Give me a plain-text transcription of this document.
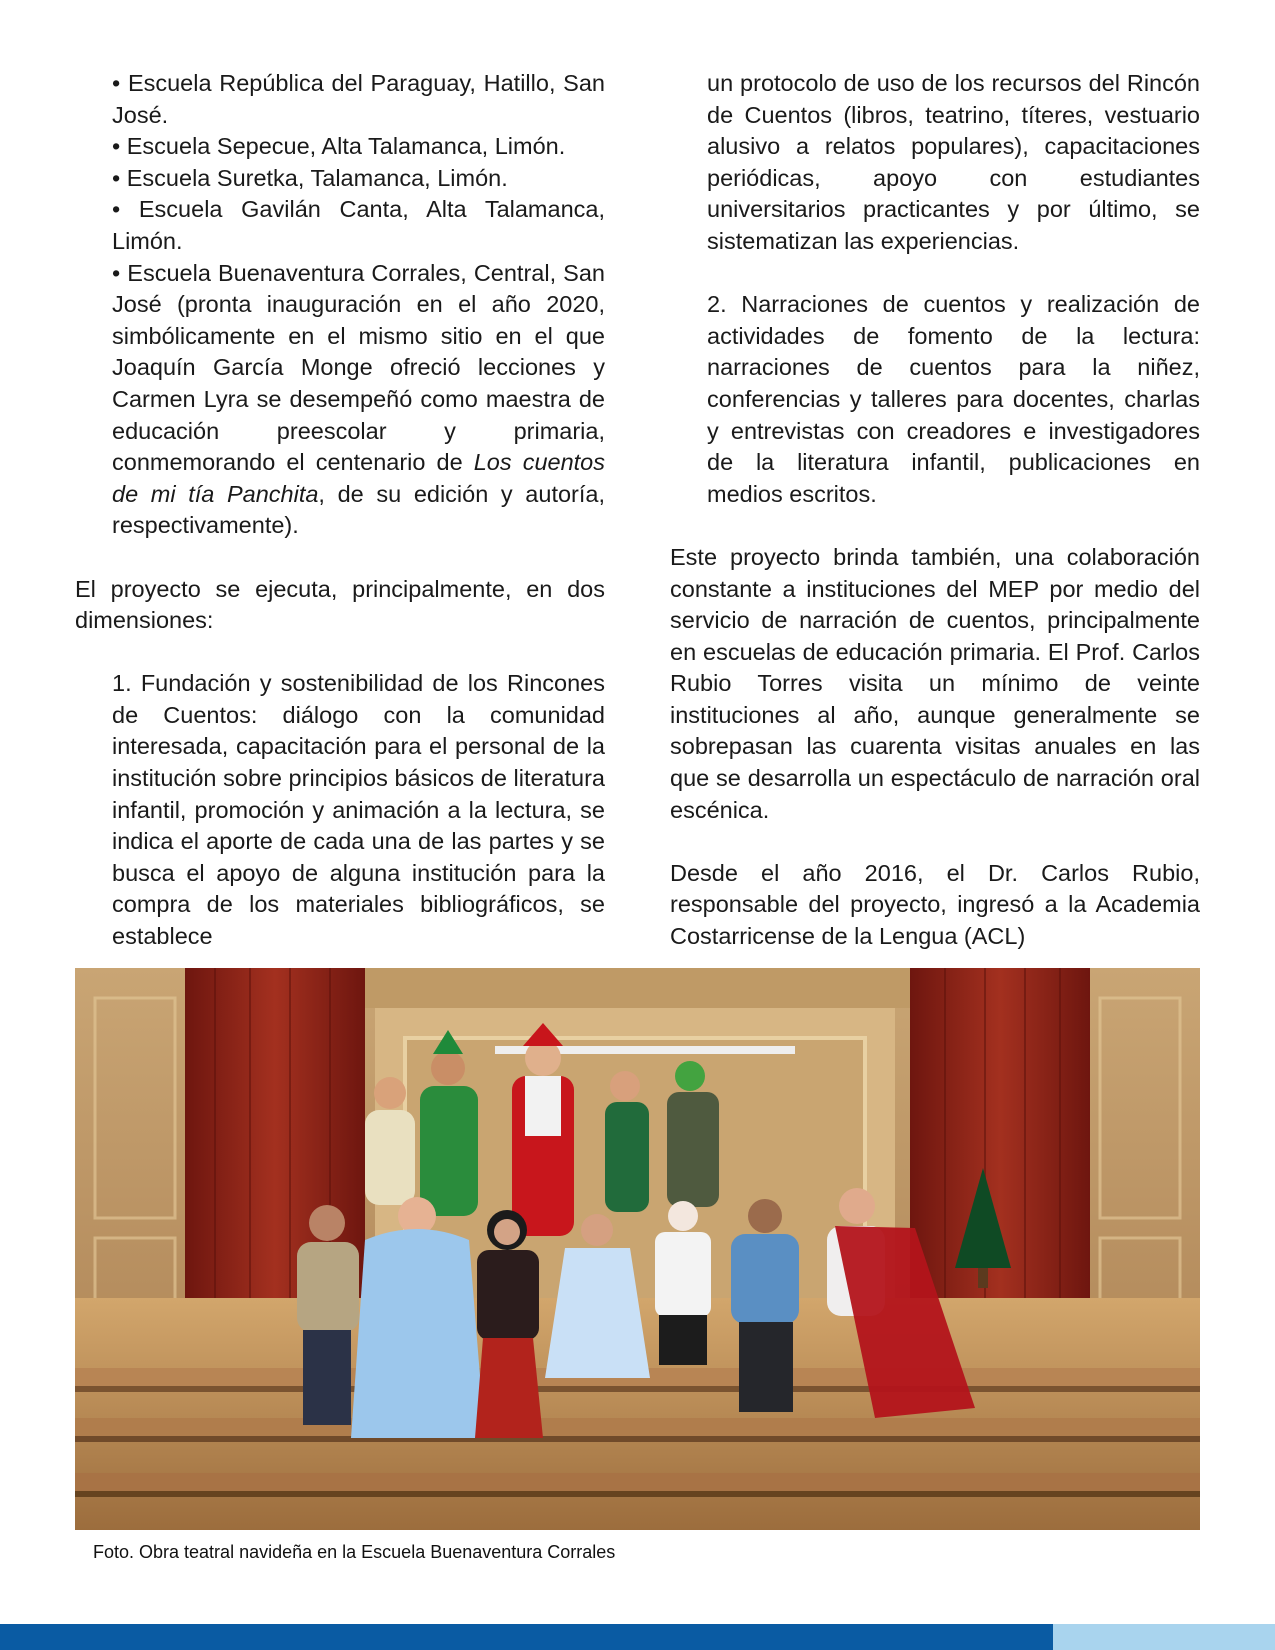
• Escuela República del Paraguay, Hatillo, San José.

• Escuela Sepecue, Alta Talamanca, Limón.

• Escuela Suretka, Talamanca, Limón.

• Escuela Gavilán Canta, Alta Talamanca, Limón.

• Escuela Buenaventura Corrales, Central, San José (pronta inauguración en el año 2020, simbólicamente en el mismo sitio en el que Joaquín García Monge ofreció lecciones y Carmen Lyra se desempeñó como maestra de educación preescolar y primaria, conmemorando el centenario de Los cuentos de mi tía Panchita, de su edición y autoría, respectivamente).

El proyecto se ejecuta, principalmente, en dos dimensiones:

1. Fundación y sostenibilidad de los Rincones de Cuentos: diálogo con la comunidad interesada, capacitación para el personal de la institución sobre principios básicos de literatura infantil, promoción y animación a la lectura, se indica el aporte de cada una de las partes y se busca el apoyo de alguna institución para la compra de los materiales bibliográficos, se establece

un protocolo de uso de los recursos del Rincón de Cuentos (libros, teatrino, títeres, vestuario alusivo a relatos populares), capacitaciones periódicas, apoyo con estudiantes universitarios practicantes y por último, se sistematizan las experiencias.

2. Narraciones de cuentos y realización de actividades de fomento de la lectura: narraciones de cuentos para la niñez, conferencias y talleres para docentes, charlas y entrevistas con creadores e investigadores de la literatura infantil, publicaciones en medios escritos.

Este proyecto brinda también, una colaboración constante a instituciones del MEP por medio del servicio de narración de cuentos, principalmente en escuelas de educación primaria. El Prof. Carlos Rubio Torres visita un mínimo de veinte instituciones al año, aunque generalmente se sobrepasan las cuarenta visitas anuales en las que se desarrolla un espectáculo de narración oral escénica.

Desde el año 2016, el Dr. Carlos Rubio, responsable del proyecto, ingresó a la Academia Costarricense de la Lengua (ACL)

Foto. Obra teatral navideña en la Escuela Buenaventura Corrales
